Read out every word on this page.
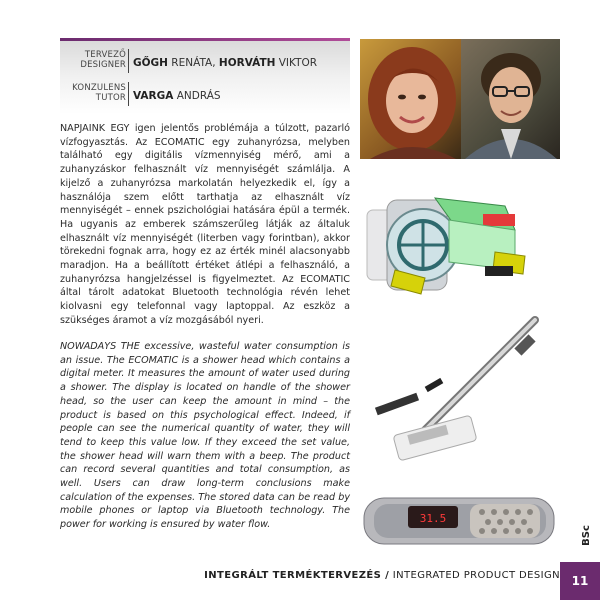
TERVEZŐ
DESIGNER GŐGH RENÁTA, HORVÁTH VIKTOR
KONZULENS
TUTOR VARGA ANDRÁS
NAPJAINK EGY igen jelentős problémája a túlzott, pazarló vízfogyasztás. Az ECOMATIC egy zuhanyrózsa, melyben található egy digitális vízmennyiség mérő, ami a zuhanyzáskor felhasznált víz mennyiségét számlálja. A kijelző a zuhanyrózsa markolatán helyezkedik el, így a használója szem előtt tarthatja az elhasznált víz mennyiségét – ennek pszichológiai hatására épül a termék. Ha ugyanis az emberek számszerűleg látják az általuk elhasznált víz mennyiségét (literben vagy forintban), akkor törekedni fognak arra, hogy ez az érték minél alacsonyabb maradjon. Ha a beállított értéket átlépi a felhasználó, a zuhanyrózsa hangjelzéssel is figyelmeztet. Az ECOMATIC által tárolt adatokat Bluetooth technológia révén lehet kiolvasni egy telefonnal vagy laptoppal. Az eszköz a szükséges áramot a víz mozgásából nyeri.
NOWADAYS THE excessive, wasteful water consumption is an issue. The ECOMATIC is a shower head which contains a digital meter. It measures the amount of water used during a shower. The display is located on handle of the shower head, so the user can keep the amount in mind – the product is based on this psychological effect. Indeed, if people can see the numerical quantity of water, they will tend to keep this value low. If they exceed the set value, the shower head will warn them with a beep. The product can record several quantities and total consumption, as well. Users can draw long-term conclusions make calculation of the expenses. The stored data can be read by mobile phones or laptop via Bluetooth technology. The power for working is ensured by water flow.	31.5
BSc
INTEGRÁLT TERMÉKTERVEZÉS / INTEGRATED PRODUCT DESIGN 11
